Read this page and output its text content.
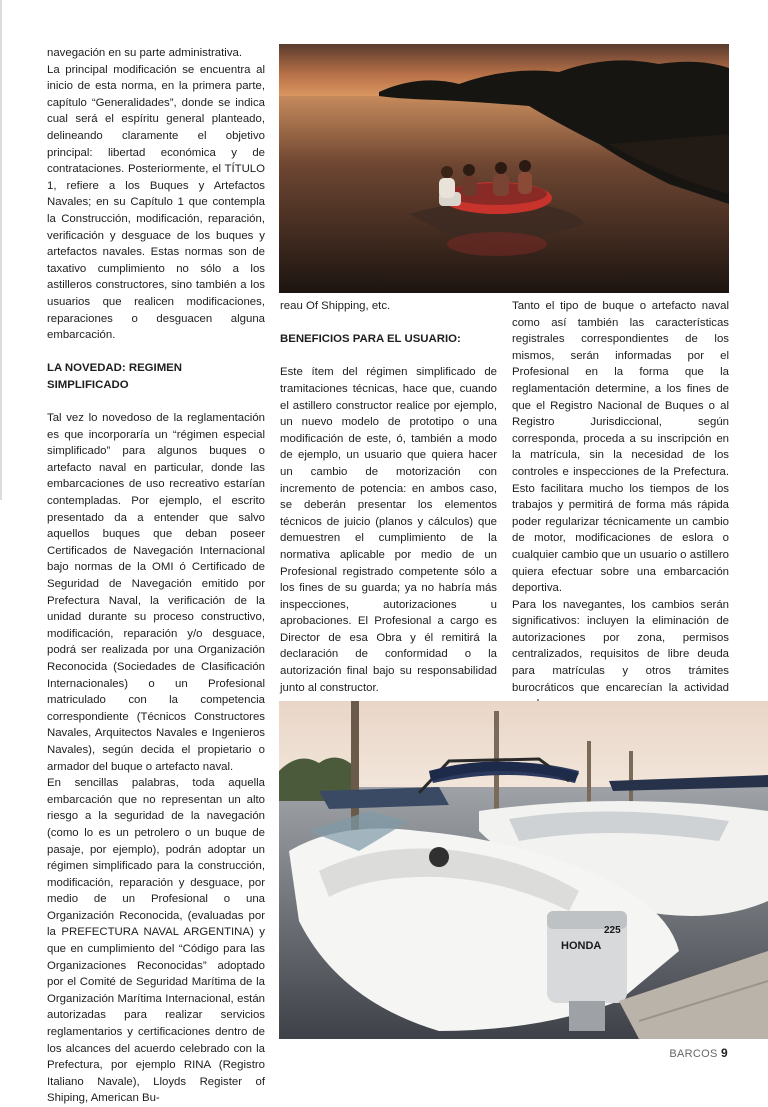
navegación en su parte administrativa.

La principal modificación se encuentra al inicio de esta norma, en la primera parte, capítulo “Generalidades”, donde se indica cual será el espíritu general planteado, delineando claramente el objetivo principal: libertad económica y de contrataciones. Posteriormente, el TÍTULO 1, refiere a los Buques y Artefactos Navales; en su Capítulo 1 que contempla la Construcción, modificación, reparación, verificación y desguace de los buques y artefactos navales. Estas normas son de taxativo cumplimiento no sólo a los astilleros constructores, sino también a los usuarios que realicen modificaciones, reparaciones o desguacen alguna embarcación.

LA NOVEDAD: REGIMEN SIMPLIFICADO

Tal vez lo novedoso de la reglamentación es que incorporaría un “régimen especial simplificado” para algunos buques o artefacto naval en particular, donde las embarcaciones de uso recreativo estarían contempladas. Por ejemplo, el escrito presentado da a entender que salvo aquellos buques que deban poseer Certificados de Navegación Internacional bajo normas de la OMI ó Certificado de Seguridad de Navegación emitido por Prefectura Naval, la verificación de la unidad durante su proceso constructivo, modificación, reparación y/o desguace, podrá ser realizada por una Organización Reconocida (Sociedades de Clasificación Internacionales) o un Profesional matriculado con la competencia correspondiente (Técnicos Constructores Navales, Arquitectos Navales e Ingenieros Navales), según decida el propietario o armador del buque o artefacto naval.

En sencillas palabras, toda aquella embarcación que no representan un alto riesgo a la seguridad de la navegación (como lo es un petrolero o un buque de pasaje, por ejemplo), podrán adoptar un régimen simplificado para la construcción, modificación, reparación y desguace, por medio de un Profesional o una Organización Reconocida, (evaluadas por la PREFECTURA NAVAL ARGENTINA) y que en cumplimiento del “Código para las Organizaciones Reconocidas” adoptado por el Comité de Seguridad Marítima de la Organización Marítima Internacional, están autorizadas para realizar servicios reglamentarios y certificaciones dentro de los alcances del acuerdo celebrado con la Prefectura, por ejemplo RINA (Registro Italiano Navale), Lloyds Register of Shiping, American Bu-

reau Of Shipping, etc.

BENEFICIOS PARA EL USUARIO:

Este ítem del régimen simplificado de tramitaciones técnicas, hace que, cuando el astillero constructor realice por ejemplo, un nuevo modelo de prototipo o una modificación de este, ó, también a modo de ejemplo, un usuario que quiera hacer un cambio de motorización con incremento de potencia: en ambos caso, se deberán presentar los elementos técnicos de juicio (planos y cálculos) que demuestren el cumplimiento de la normativa aplicable por medio de un Profesional registrado competente sólo a los fines de su guarda; ya no habría más inspecciones, autorizaciones u aprobaciones. El Profesional a cargo es Director de esa Obra y él remitirá la declaración de conformidad o la autorización final bajo su responsabilidad junto al constructor.

Tanto el tipo de buque o artefacto naval como así también las características registrales correspondientes de los mismos, serán informadas por el Profesional en la forma que la reglamentación determine, a los fines de que el Registro Nacional de Buques o al Registro Jurisdiccional, según corresponda, proceda a su inscripción en la matrícula, sin la necesidad de los controles e inspecciones de la Prefectura. Esto facilitara mucho los tiempos de los trabajos y permitirá de forma más rápida poder regularizar técnicamente un cambio de motor, modificaciones de eslora o cualquier cambio que un usuario o astillero quiera efectuar sobre una embarcación deportiva.

Para los navegantes, los cambios serán significativos: incluyen la eliminación de autorizaciones por zona, permisos centralizados, requisitos de libre deuda para matrículas y otros trámites burocráticos que encarecían la actividad

HONDA
225
BARCOS 9
